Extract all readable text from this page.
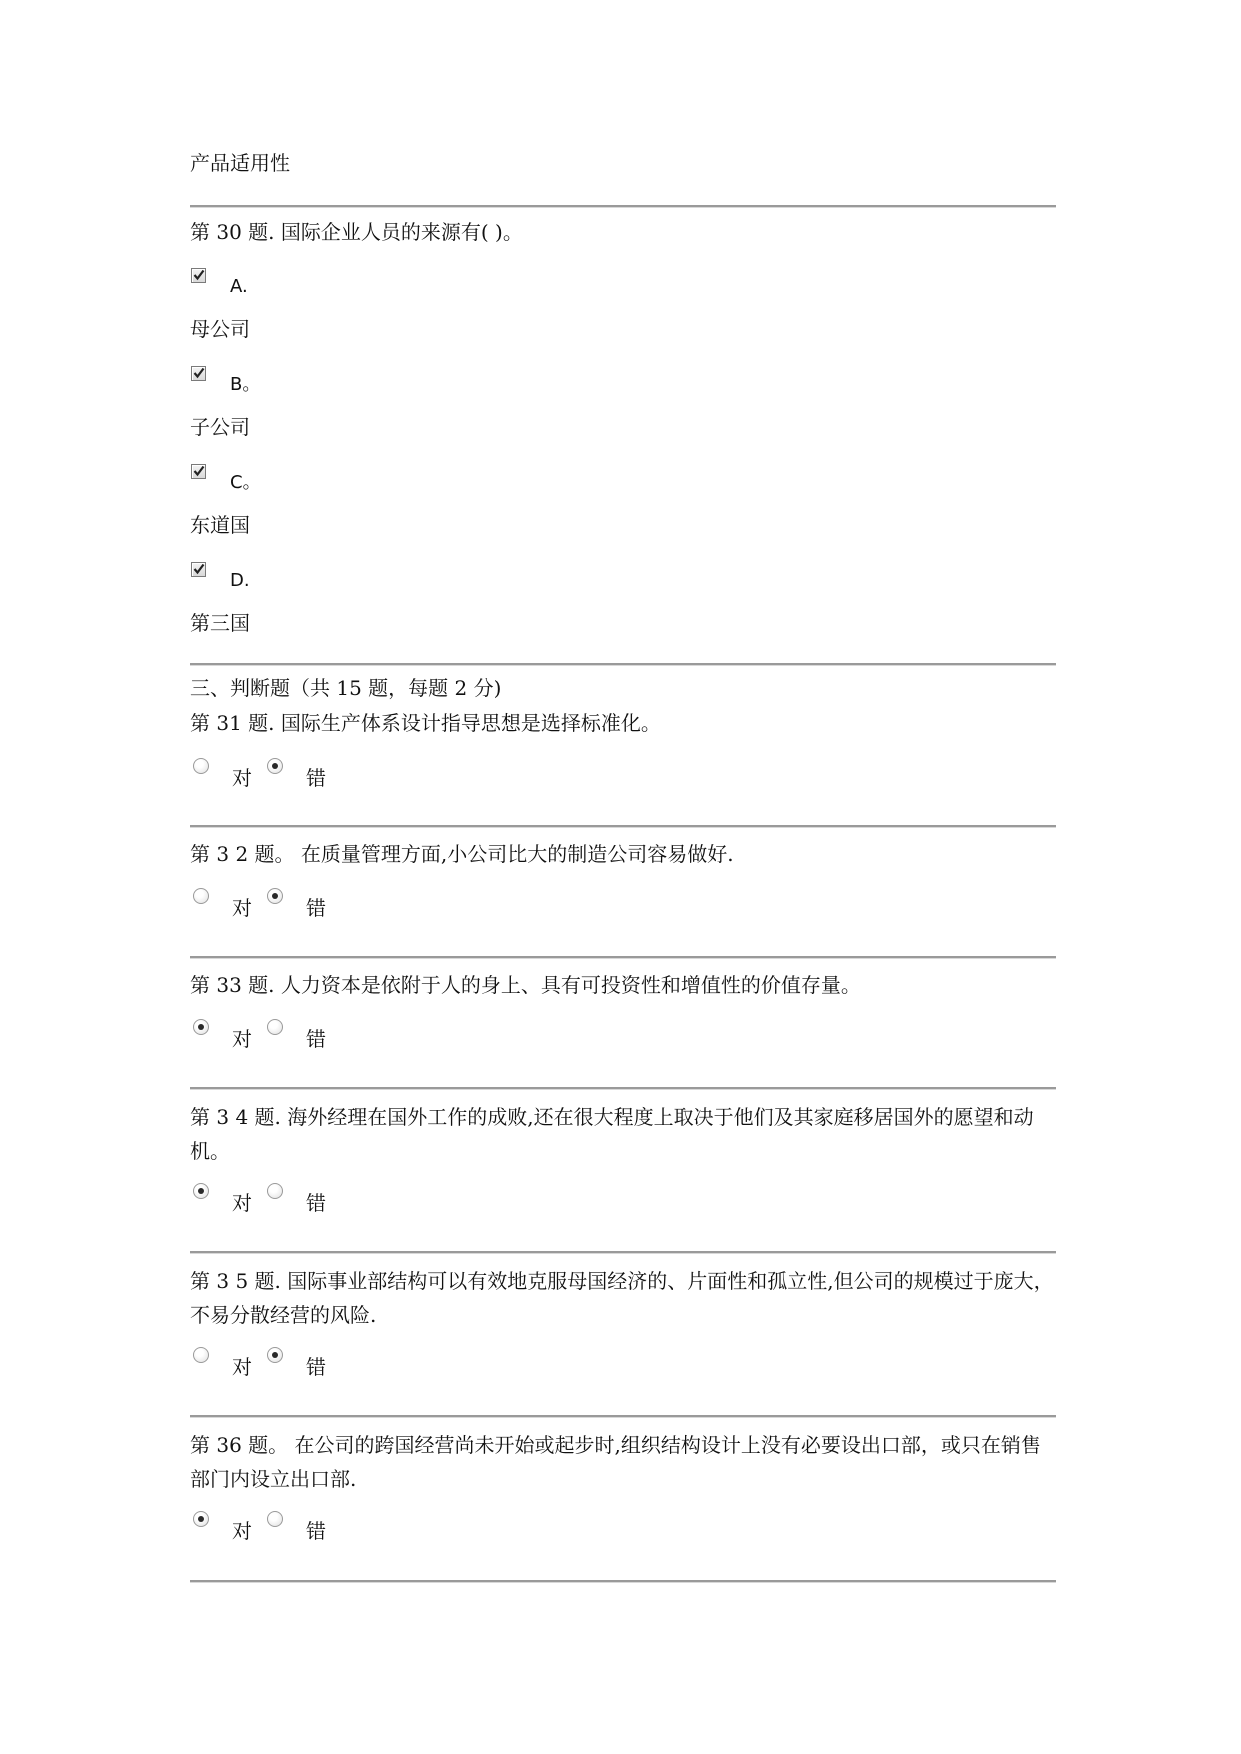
产品适用性
第 30 题. 国际企业人员的来源有( )。
A.
母公司
B。
子公司
C。
东道国
D.
第三国
三、判断题（共 15 题，每题 2 分)
第 31 题. 国际生产体系设计指导思想是选择标准化。
对	错
第 3 2 题。 在质量管理方面,小公司比大的制造公司容易做好.
对	错
第 33 题. 人力资本是依附于人的身上、具有可投资性和增值性的价值存量。
对	错
第 3 4 题. 海外经理在国外工作的成败,还在很大程度上取决于他们及其家庭移居国外的愿望和动机。
对	错
第 3 5 题. 国际事业部结构可以有效地克服母国经济的、片面性和孤立性,但公司的规模过于庞大，不易分散经营的风险.
对	错
第 36 题。 在公司的跨国经营尚未开始或起步时,组织结构设计上没有必要设出口部，或只在销售部门内设立出口部.
对	错
